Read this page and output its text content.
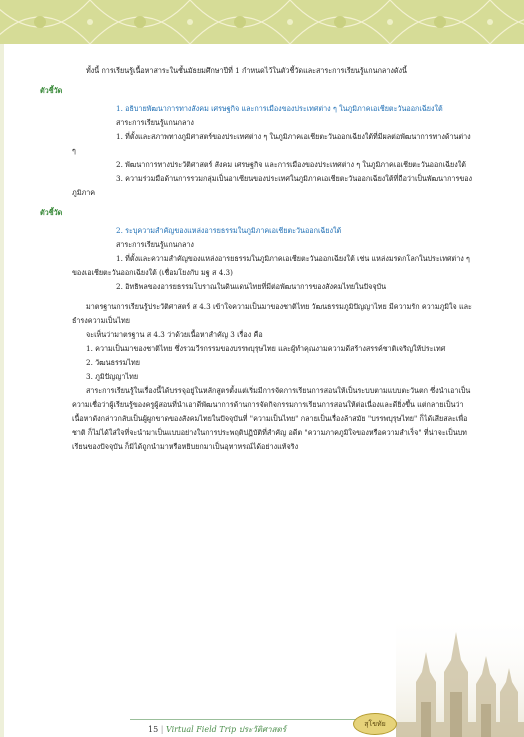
ทั้งนี้ การเรียนรู้เนื้อหาสาระในชั้นมัธยมศึกษาปีที่ 1 กำหนดไว้ในตัวชี้วัดและสาระการเรียนรู้แกนกลางดังนี้

ตัวชี้วัด

1. อธิบายพัฒนาการทางสังคม เศรษฐกิจ และการเมืองของประเทศต่าง ๆ ในภูมิภาคเอเชียตะวันออกเฉียงใต้

สาระการเรียนรู้แกนกลาง

1. ที่ตั้งและสภาพทางภูมิศาสตร์ของประเทศต่าง ๆ ในภูมิภาคเอเชียตะวันออกเฉียงใต้ที่มีผลต่อพัฒนาการทางด้านต่าง ๆ

2. พัฒนาการทางประวัติศาสตร์ สังคม เศรษฐกิจ และการเมืองของประเทศต่าง ๆ ในภูมิภาคเอเชียตะวันออกเฉียงใต้

3. ความร่วมมือด้านการรวมกลุ่มเป็นอาเซียนของประเทศในภูมิภาคเอเชียตะวันออกเฉียงใต้ที่ถือว่าเป็นพัฒนาการของภูมิภาค

ตัวชี้วัด

2. ระบุความสำคัญของแหล่งอารยธรรมในภูมิภาคเอเชียตะวันออกเฉียงใต้

สาระการเรียนรู้แกนกลาง

1. ที่ตั้งและความสำคัญของแหล่งอารยธรรมในภูมิภาคเอเชียตะวันออกเฉียงใต้ เช่น แหล่งมรดกโลกในประเทศต่าง ๆ ของเอเชียตะวันออกเฉียงใต้ (เชื่อมโยงกับ มฐ ส 4.3)

2. อิทธิพลของอารยธรรมโบราณในดินแดนไทยที่มีต่อพัฒนาการของสังคมไทยในปัจจุบัน

มาตรฐานการเรียนรู้ประวัติศาสตร์ ส 4.3 เข้าใจความเป็นมาของชาติไทย วัฒนธรรมภูมิปัญญาไทย มีความรัก ความภูมิใจ และธำรงความเป็นไทย

จะเห็นว่ามาตรฐาน ส 4.3 ว่าด้วยเนื้อหาสำคัญ 3 เรื่อง คือ

1. ความเป็นมาของชาติไทย ซึ่งรวมวีรกรรมของบรรพบุรุษไทย และผู้ทำคุณงามความดีสร้างสรรค์ชาติเจริญให้ประเทศ

2. วัฒนธรรมไทย

3. ภูมิปัญญาไทย

สาระการเรียนรู้ในเรื่องนี้ได้บรรจุอยู่ในหลักสูตรตั้งแต่เริ่มมีการจัดการเรียนการสอนให้เป็นระบบตามแบบตะวันตก ซึ่งนำเอาเป็นความเชื่อว่าผู้เรียนรู้ของครูผู้สอนที่นำเอาดีพัฒนาการด้านการจัดกิจกรรมการเรียนการสอนให้ต่อเนื่องและดียิ่งขึ้น แต่กลายเป็นว่าเนื้อหาดังกล่าวกลับเป็นผู้ผูกขาดของสังคมไทยในปัจจุบันที่ "ความเป็นไทย" กลายเป็นเรื่องล้าสมัย "บรรพบุรุษไทย" ก็ได้เสียสละเพื่อชาติ ก็ไม่ได้ใส่ใจที่จะนำมาเป็นแบบอย่างในการประพฤติปฏิบัติที่สำคัญ อดีต "ความภาคภูมิใจของหรือความสำเร็จ" ที่น่าจะเป็นบทเรียนของปัจจุบัน ก็มิได้ถูกนำมาหรือหยิบยกมาเป็นอุทาหรณ์ได้อย่างแท้จริง

15 | Virtual Field Trip ประวัติศาสตร์
สุโขทัย
